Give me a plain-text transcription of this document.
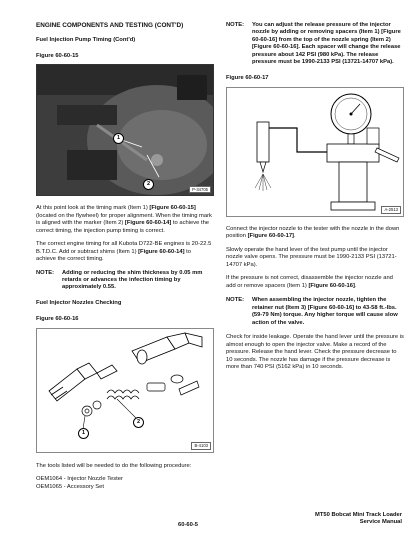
ENGINE COMPONENTS AND TESTING (CONT'D)

Fuel Injection Pump Timing (Cont'd)

Figure 60-60-15

1
2
P-34705

At this point look at the timing mark (Item 1) [Figure 60-60-15] (located on the flywheel) for proper alignment. When the timing mark is aligned with the marker (Item 2) [Figure 60-60-14] to achieve the correct timing, the injection pump timing is correct.

The correct engine timing for all Kubota D722-BE engines is 20-22.5 B.T.D.C. Add or subtract shims (Item 1) [Figure 60-60-14] to achieve the correct timing.

NOTE:	Adding or reducing the shim thickness by 0.05 mm retards or advances the infection timing by approximately 0.55.

Fuel Injector Nozzles Checking

Figure 60-60-16

1
2
B-4103

The tools listed will be needed to do the following procedure:

OEM1064 - Injector Nozzle Tester

OEM1065 - Accessory Set

NOTE:	You can adjust the release pressure of the injector nozzle by adding or removing spacers (Item 1) [Figure 60-60-16] from the top of the nozzle spring (Item 2) [Figure 60-60-16]. Each spacer will change the release pressure about 142 PSI (980 kPa). The release pressure must be 1990-2133 PSI (13721-14707 kPa).

Figure 60-60-17

A-2513

Connect the injector nozzle to the tester with the nozzle in the down position [Figure 60-60-17].

Slowly operate the hand lever of the test pump until the injector nozzle valve opens. The pressure must be 1990-2133 PSI (13721-14707 kPa).

If the pressure is not correct, disassemble the injector nozzle and add or remove spacers (Item 1) [Figure 60-60-16].

NOTE:	When assembling the injector nozzle, tighten the retainer nut (Item 3) [Figure 60-60-16] to 43-58 ft.-lbs. (59-79 Nm) torque. Any higher torque will cause slow action of the valve.

Check for inside leakage. Operate the hand lever until the pressure is almost enough to open the injector valve. Make a record of the pressure. Release the hand lever. Check the pressure decrease to 10 seconds. The nozzle has damage if the pressure decrease is more than 740 PSI (5162 kPa) in 10 seconds.

60-60-5
MT50 Bobcat Mini Track Loader
Service Manual
